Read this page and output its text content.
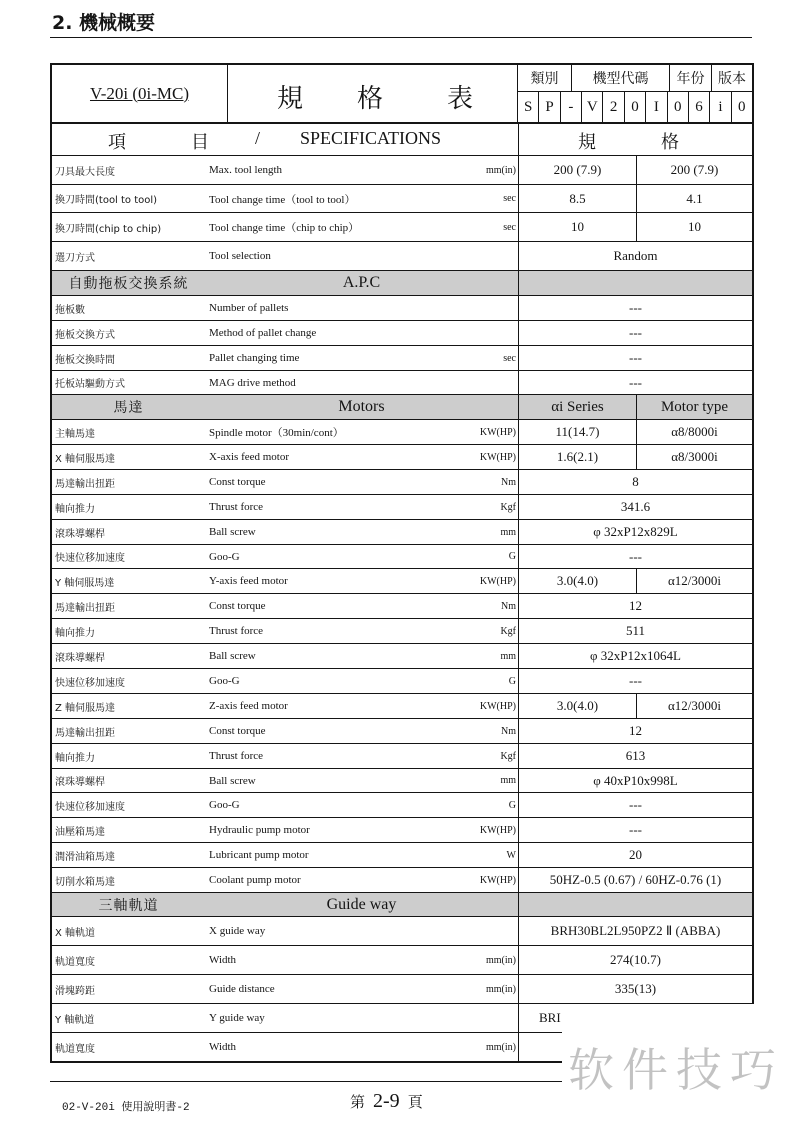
2. 機械概要
V-20i (0i-MC)	規 格 表
類別	機型代碼	年份 版本
S P - V 2 0	I	0 6	i	0
項	目	/ SPECIFICATIONS	規	格
刀具最大長度	Max. tool length	mm(in)	200 (7.9)	200 (7.9)
換刀時間(tool to tool)	Tool change time（tool to tool）	sec	8.5	4.1
換刀時間(chip to chip)	Tool change time（chip to chip）	sec	10	10
選刀方式	Tool selection	Random
自動拖板交換系統	A.P.C
拖板數	Number of pallets	---
拖板交換方式	Method of pallet change	---
拖板交換時間	Pallet changing time	sec	---
托板站驅動方式	MAG drive method	---
馬達	Motors	αi Series	Motor type
主軸馬達	Spindle motor（30min/cont）	KW(HP)	11(14.7)	α8/8000i
X 軸伺服馬達	X-axis feed motor	KW(HP)	1.6(2.1)	α8/3000i
馬達輸出扭距	Const torque	Nm	8
軸向推力	Thrust force	Kgf	341.6
滾珠導螺桿	Ball screw	mm	φ 32xP12x829L
快速位移加速度	Goo-G	G	---
Y 軸伺服馬達	Y-axis feed motor	KW(HP)	3.0(4.0)	α12/3000i
馬達輸出扭距	Const torque	Nm	12
軸向推力	Thrust force	Kgf	511
滾珠導螺桿	Ball screw	mm	φ 32xP12x1064L
快速位移加速度	Goo-G	G	---
Z 軸伺服馬達	Z-axis feed motor	KW(HP)	3.0(4.0)	α12/3000i
馬達輸出扭距	Const torque	Nm	12
軸向推力	Thrust force	Kgf	613
滾珠導螺桿	Ball screw	mm	φ 40xP10x998L
快速位移加速度	Goo-G	G	---
油壓箱馬達	Hydraulic pump motor	KW(HP)	---
潤滑油箱馬達	Lubricant pump motor	W	20
切削水箱馬達	Coolant pump motor	KW(HP)	50HZ-0.5 (0.67) / 60HZ-0.76 (1)
三軸軌道	Guide way
X 軸軌道	X guide way	BRH30BL2L950PZ2 Ⅱ (ABBA)
軌道寬度	Width	mm(in)	274(10.7)
滑塊跨距	Guide distance	mm(in)	335(13)
Y 軸軌道	Y guide way	BRI
軌道寬度	Width	mm(in)
02-V-20i 使用說明書-2	第 2-9 頁
软件技巧
